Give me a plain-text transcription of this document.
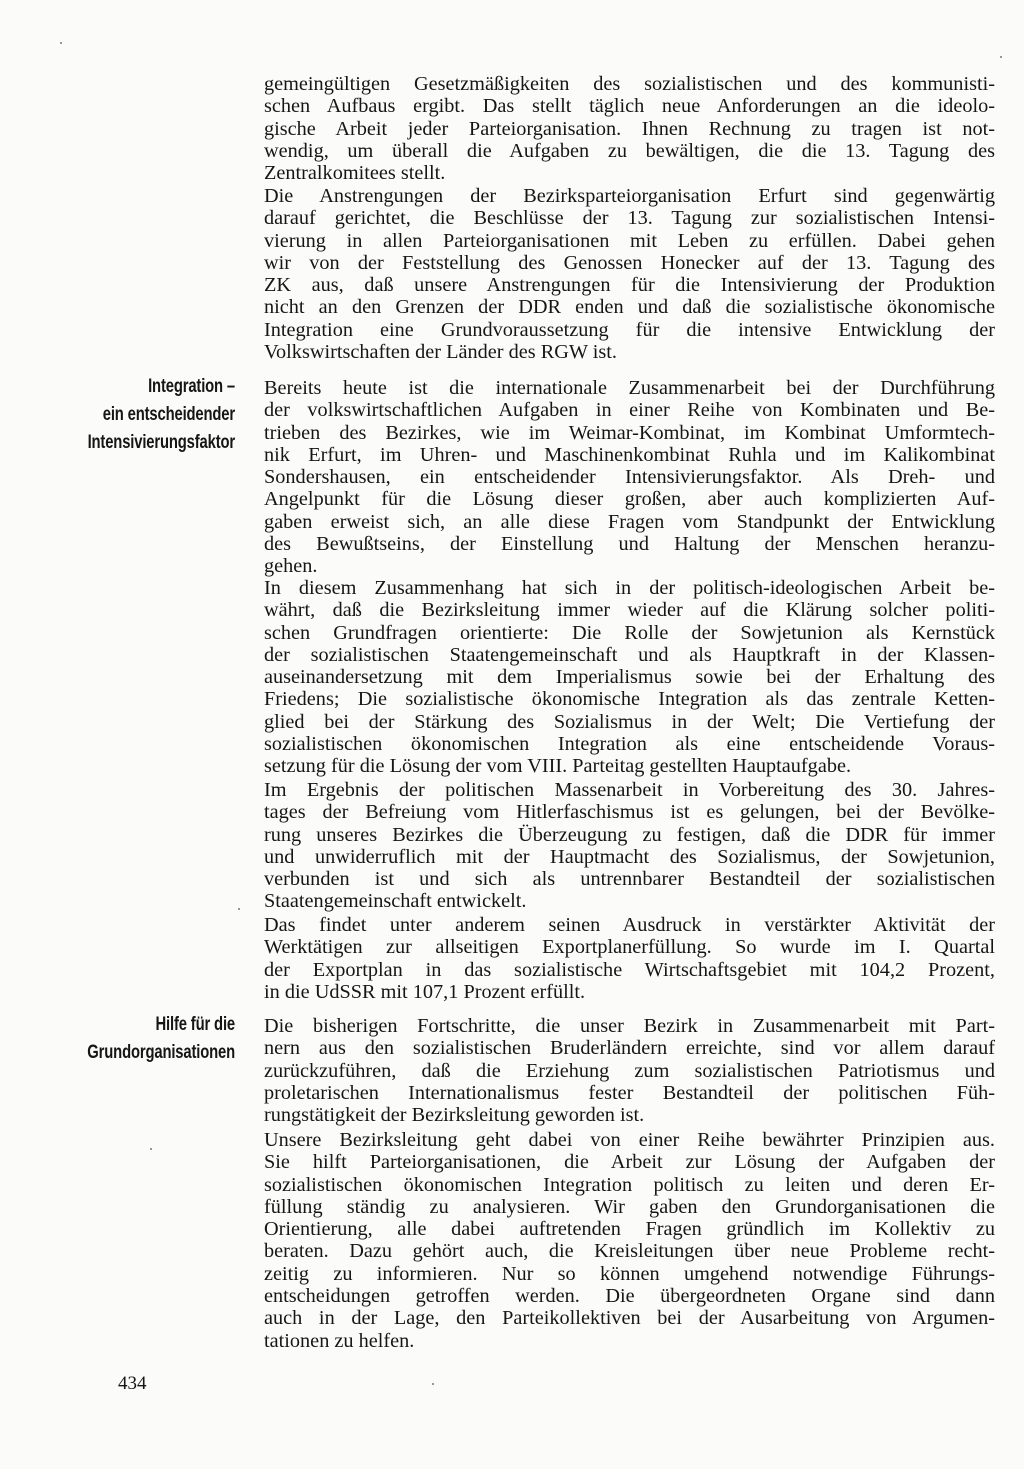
gemeingültigen Gesetzmäßigkeiten des sozialistischen und des kommunisti-
schen Aufbaus ergibt. Das stellt täglich neue Anforderungen an die ideolo-
gische Arbeit jeder Parteiorganisation. Ihnen Rechnung zu tragen ist not-
wendig, um überall die Aufgaben zu bewältigen, die die 13. Tagung des
Zentralkomitees stellt.
Die Anstrengungen der Bezirksparteiorganisation Erfurt sind gegenwärtig
darauf gerichtet, die Beschlüsse der 13. Tagung zur sozialistischen Intensi-
vierung in allen Parteiorganisationen mit Leben zu erfüllen. Dabei gehen
wir von der Feststellung des Genossen Honecker auf der 13. Tagung des
ZK aus, daß unsere Anstrengungen für die Intensivierung der Produktion
nicht an den Grenzen der DDR enden und daß die sozialistische ökonomische
Integration eine Grundvoraussetzung für die intensive Entwicklung der
Volkswirtschaften der Länder des RGW ist.
Integration –
ein entscheidender
Intensivierungsfaktor
Bereits heute ist die internationale Zusammenarbeit bei der Durchführung
der volkswirtschaftlichen Aufgaben in einer Reihe von Kombinaten und Be-
trieben des Bezirkes, wie im Weimar-Kombinat, im Kombinat Umformtech-
nik Erfurt, im Uhren- und Maschinenkombinat Ruhla und im Kalikombinat
Sondershausen, ein entscheidender Intensivierungsfaktor. Als Dreh- und
Angelpunkt für die Lösung dieser großen, aber auch komplizierten Auf-
gaben erweist sich, an alle diese Fragen vom Standpunkt der Entwicklung
des Bewußtseins, der Einstellung und Haltung der Menschen heranzu-
gehen.
In diesem Zusammenhang hat sich in der politisch-ideologischen Arbeit be-
währt, daß die Bezirksleitung immer wieder auf die Klärung solcher politi-
schen Grundfragen orientierte: Die Rolle der Sowjetunion als Kernstück
der sozialistischen Staatengemeinschaft und als Hauptkraft in der Klassen-
auseinandersetzung mit dem Imperialismus sowie bei der Erhaltung des
Friedens; Die sozialistische ökonomische Integration als das zentrale Ketten-
glied bei der Stärkung des Sozialismus in der Welt; Die Vertiefung der
sozialistischen ökonomischen Integration als eine entscheidende Voraus-
setzung für die Lösung der vom VIII. Parteitag gestellten Hauptaufgabe.
Im Ergebnis der politischen Massenarbeit in Vorbereitung des 30. Jahres-
tages der Befreiung vom Hitlerfaschismus ist es gelungen, bei der Bevölke-
rung unseres Bezirkes die Überzeugung zu festigen, daß die DDR für immer
und unwiderruflich mit der Hauptmacht des Sozialismus, der Sowjetunion,
verbunden ist und sich als untrennbarer Bestandteil der sozialistischen
Staatengemeinschaft entwickelt.
Das findet unter anderem seinen Ausdruck in verstärkter Aktivität der
Werktätigen zur allseitigen Exportplanerfüllung. So wurde im I. Quartal
der Exportplan in das sozialistische Wirtschaftsgebiet mit 104,2 Prozent,
in die UdSSR mit 107,1 Prozent erfüllt.
Hilfe für die
Grundorganisationen
Die bisherigen Fortschritte, die unser Bezirk in Zusammenarbeit mit Part-
nern aus den sozialistischen Bruderländern erreichte, sind vor allem darauf
zurückzuführen, daß die Erziehung zum sozialistischen Patriotismus und
proletarischen Internationalismus fester Bestandteil der politischen Füh-
rungstätigkeit der Bezirksleitung geworden ist.
Unsere Bezirksleitung geht dabei von einer Reihe bewährter Prinzipien aus.
Sie hilft Parteiorganisationen, die Arbeit zur Lösung der Aufgaben der
sozialistischen ökonomischen Integration politisch zu leiten und deren Er-
füllung ständig zu analysieren. Wir gaben den Grundorganisationen die
Orientierung, alle dabei auftretenden Fragen gründlich im Kollektiv zu
beraten. Dazu gehört auch, die Kreisleitungen über neue Probleme recht-
zeitig zu informieren. Nur so können umgehend notwendige Führungs-
entscheidungen getroffen werden. Die übergeordneten Organe sind dann
auch in der Lage, den Parteikollektiven bei der Ausarbeitung von Argumen-
tationen zu helfen.
434
